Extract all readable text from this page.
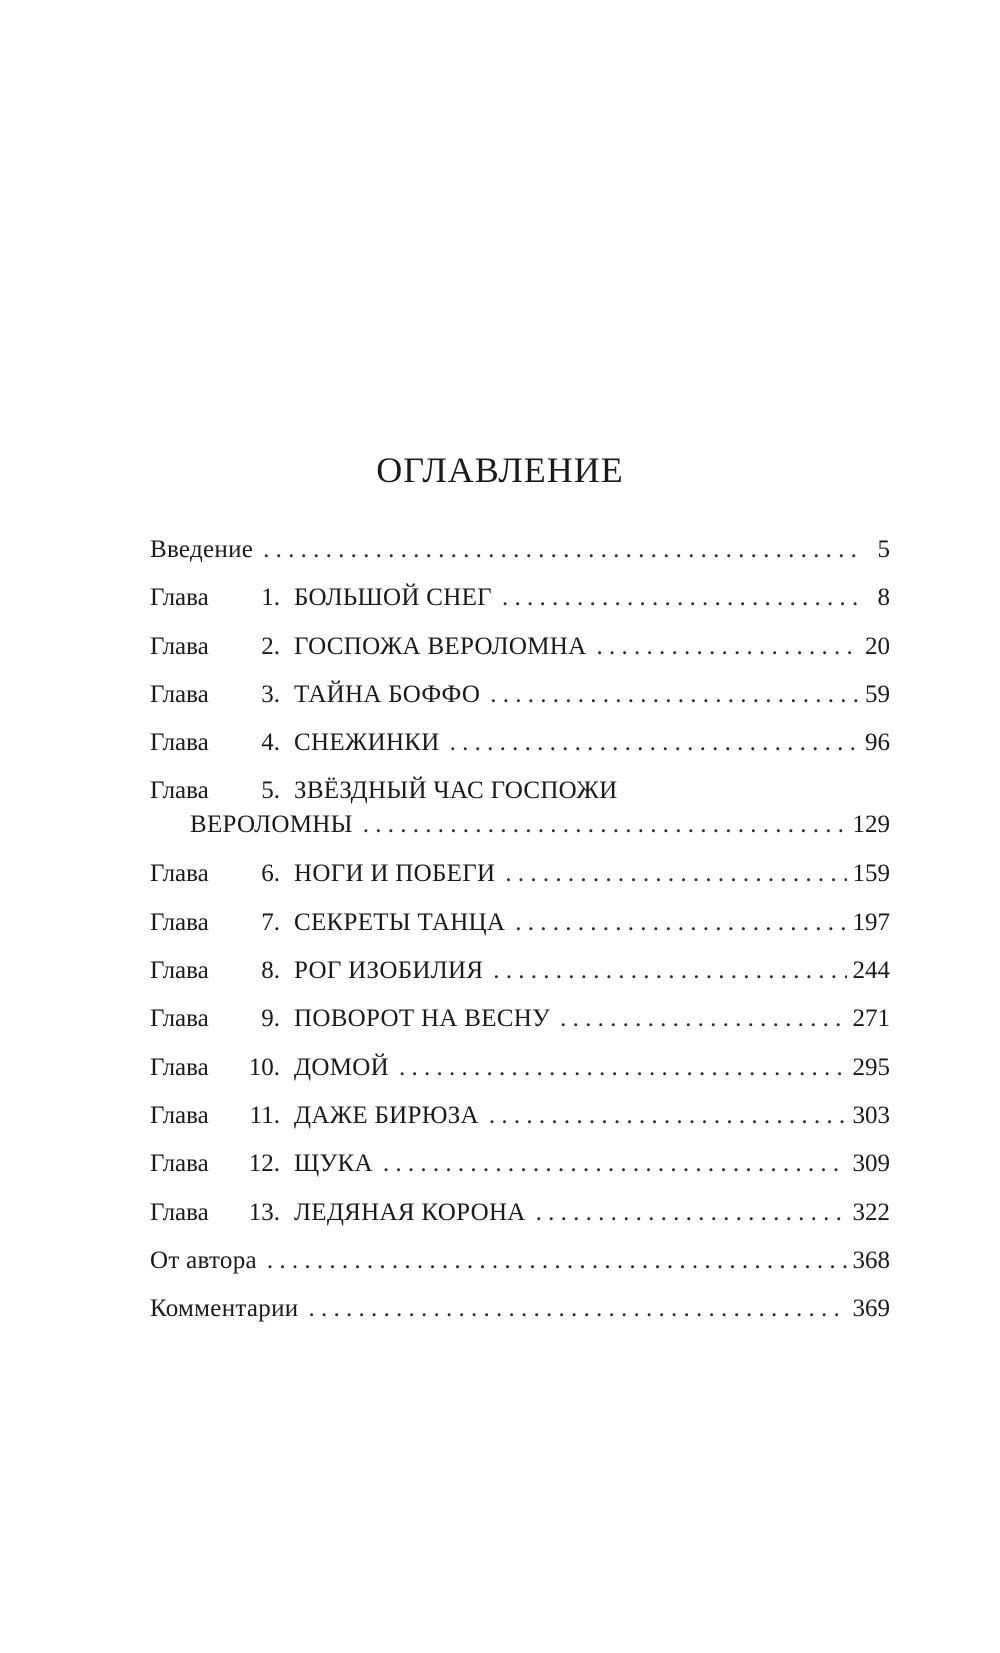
ОГЛАВЛЕНИЕ
Введение . . .	5
Глава	1. БОЛЬШОЙ СНЕГ . . .	8
Глава	2. ГОСПОЖА ВЕРОЛОМНА . . .	20
Глава	3. ТАЙНА БОФФО . . .	59
Глава	4. СНЕЖИНКИ . . .	96
Глава	5. ЗВЁЗДНЫЙ ЧАС ГОСПОЖИ
ВЕРОЛОМНЫ . . .	129
Глава	6. НОГИ И ПОБЕГИ . . .	159
Глава	7. СЕКРЕТЫ ТАНЦА . . .	197
Глава	8. РОГ ИЗОБИЛИЯ . . .	244
Глава	9. ПОВОРОТ НА ВЕСНУ . . .	271
Глава	10. ДОМОЙ . . .	295
Глава	11. ДАЖЕ БИРЮЗА . . .	303
Глава	12. ЩУКА . . .	309
Глава	13. ЛЕДЯНАЯ КОРОНА . . .	322
От автора . . .	368
Комментарии . . .	369
